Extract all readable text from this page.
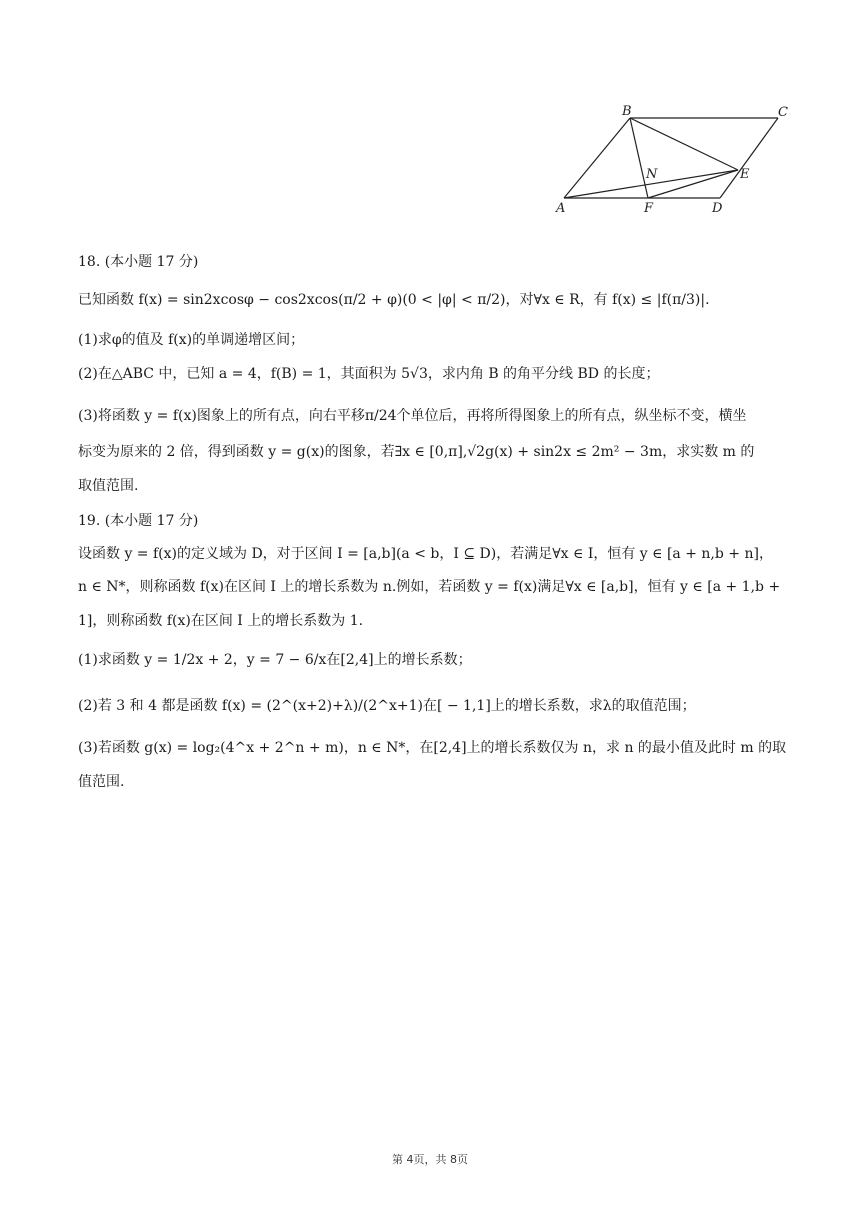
B	C
N	E
A	F	D
18. (本小题 17 分)
已知函数 f(x) = sin2xcosφ − cos2xcos(π/2 + φ)(0 < |φ| < π/2)，对∀x ∈ R，有 f(x) ≤ |f(π/3)|.
(1)求φ的值及 f(x)的单调递增区间；
(2)在△ABC 中，已知 a = 4，f(B) = 1，其面积为 5√3，求内角 B 的角平分线 BD 的长度；
(3)将函数 y = f(x)图象上的所有点，向右平移π/24个单位后，再将所得图象上的所有点，纵坐标不变，横坐
标变为原来的 2 倍，得到函数 y = g(x)的图象，若∃x ∈ [0,π],√2g(x) + sin2x ≤ 2m² − 3m，求实数 m 的
取值范围.
19. (本小题 17 分)
设函数 y = f(x)的定义域为 D，对于区间 I = [a,b](a < b，I ⊆ D)，若满足∀x ∈ I，恒有 y ∈ [a + n,b + n]，
n ∈ N*，则称函数 f(x)在区间 I 上的增长系数为 n.例如，若函数 y = f(x)满足∀x ∈ [a,b]，恒有 y ∈ [a + 1,b +
1]，则称函数 f(x)在区间 I 上的增长系数为 1.
(1)求函数 y = 1/2x + 2，y = 7 − 6/x在[2,4]上的增长系数；
(2)若 3 和 4 都是函数 f(x) = (2^(x+2)+λ)/(2^x+1)在[ − 1,1]上的增长系数，求λ的取值范围；
(3)若函数 g(x) = log₂(4^x + 2^n + m)，n ∈ N*，在[2,4]上的增长系数仅为 n，求 n 的最小值及此时 m 的取
值范围.
第 4页，共 8页
